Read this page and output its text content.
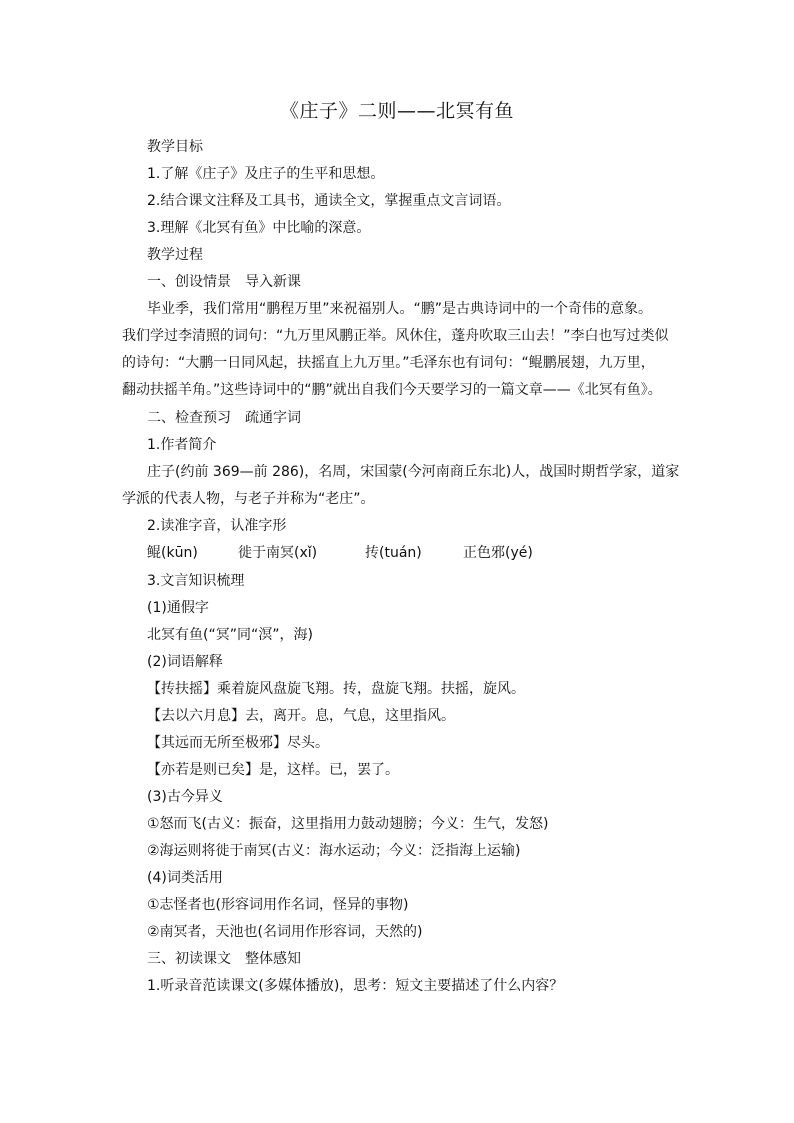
《庄子》二则——北冥有鱼
教学目标
1.了解《庄子》及庄子的生平和思想。
2.结合课文注释及工具书，通读全文，掌握重点文言词语。
3.理解《北冥有鱼》中比喻的深意。
教学过程
一、创设情景　导入新课
毕业季，我们常用“鹏程万里”来祝福别人。“鹏”是古典诗词中的一个奇伟的意象。
我们学过李清照的词句：“九万里风鹏正举。风休住，蓬舟吹取三山去！”李白也写过类似
的诗句：“大鹏一日同风起，扶摇直上九万里。”毛泽东也有词句：“鲲鹏展翅，九万里，
翻动扶摇羊角。”这些诗词中的“鹏”就出自我们今天要学习的一篇文章——《北冥有鱼》。
二、检查预习　疏通字词
1.作者简介
庄子(约前 369—前 286)，名周，宋国蒙(今河南商丘东北)人，战国时期哲学家，道家
学派的代表人物，与老子并称为“老庄”。
2.读准字音，认准字形
鲲(kūn)	徙于南冥(xǐ)	抟(tuán)	正色邪(yé)
3.文言知识梳理
(1)通假字
北冥有鱼(“冥”同“溟”，海)
(2)词语解释
【抟扶摇】乘着旋风盘旋飞翔。抟，盘旋飞翔。扶摇，旋风。
【去以六月息】去，离开。息，气息，这里指风。
【其远而无所至极邪】尽头。
【亦若是则已矣】是，这样。已，罢了。
(3)古今异义
①怒而飞(古义：振奋，这里指用力鼓动翅膀；今义：生气，发怒)
②海运则将徙于南冥(古义：海水运动；今义：泛指海上运输)
(4)词类活用
①志怪者也(形容词用作名词，怪异的事物)
②南冥者，天池也(名词用作形容词，天然的)
三、初读课文　整体感知
1.听录音范读课文(多媒体播放)，思考：短文主要描述了什么内容？
